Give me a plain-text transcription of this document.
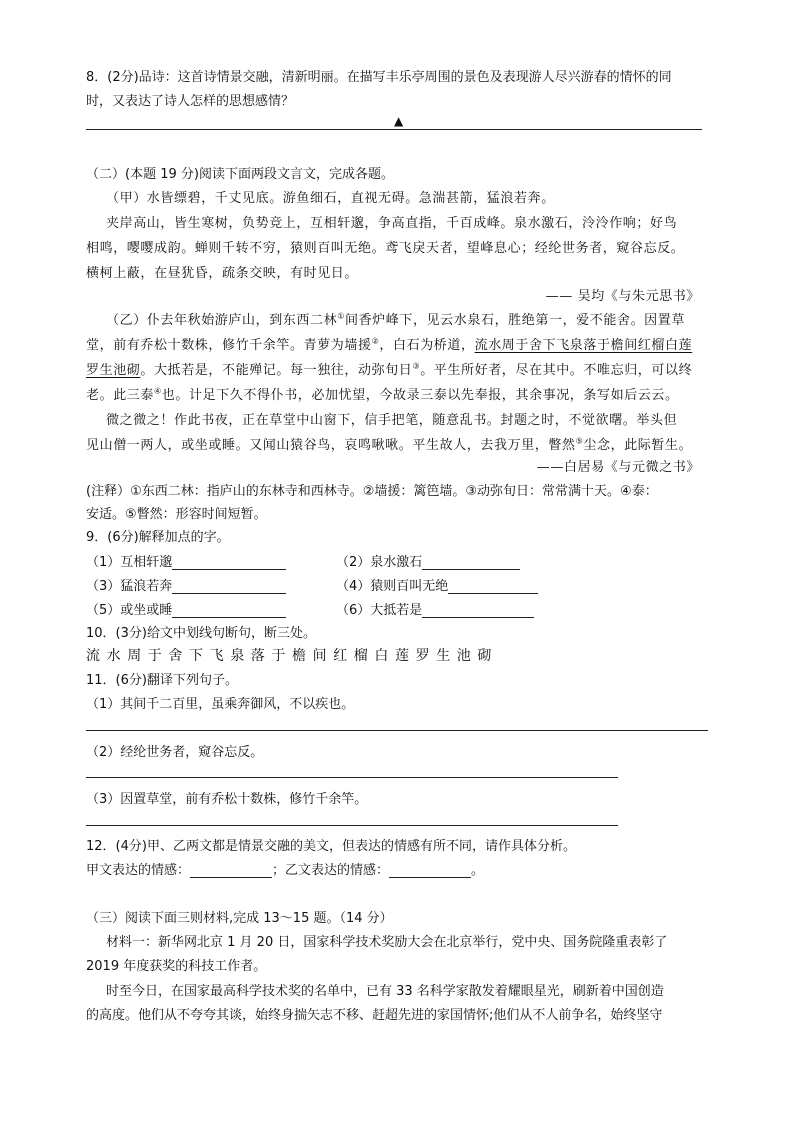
8．(2分)品诗：这首诗情景交融，清新明丽。在描写丰乐亭周围的景色及表现游人尽兴游春的情怀的同
时，又表达了诗人怎样的思想感情？
▲
（二）(本题 19 分)阅读下面两段文言文，完成各题。
（甲）水皆缥碧，千丈见底。游鱼细石，直视无碍。急湍甚箭，猛浪若奔。
夹岸高山，皆生寒树，负势竞上，互相轩邈，争高直指，千百成峰。泉水激石，泠泠作响；好鸟
相鸣，嘤嘤成韵。蝉则千转不穷，猿则百叫无绝。鸢飞戾天者，望峰息心；经纶世务者，窥谷忘反。
横柯上蔽，在昼犹昏，疏条交映，有时见日。
—— 吴均《与朱元思书》
（乙）仆去年秋始游庐山，到东西二林①间香炉峰下，见云水泉石，胜绝第一，爱不能舍。因置草
堂，前有乔松十数株，修竹千余竿。青萝为墙援②，白石为桥道，流水周于舍下飞泉落于檐间红榴白莲
罗生池砌。大抵若是，不能殚记。每一独往，动弥旬日③。平生所好者，尽在其中。不唯忘归，可以终
老。此三泰④也。计足下久不得仆书，必加忧望，今故录三泰以先奉报，其余事况，条写如后云云。
微之微之！作此书夜，正在草堂中山窗下，信手把笔，随意乱书。封题之时，不觉欲曙。举头但
见山僧一两人，或坐或睡。又闻山猿谷鸟，哀鸣啾啾。平生故人，去我万里，瞥然⑤尘念，此际暂生。
——白居易《与元微之书》
(注释）①东西二林：指庐山的东林寺和西林寺。②墙援：篱笆墙。③动弥旬日：常常满十天。④泰：
安适。⑤瞥然：形容时间短暂。
9．(6分)解释加点的字。
（1）互相轩邈	（2）泉水激石
（3）猛浪若奔	（4）猿则百叫无绝
（5）或坐或睡	（6）大抵若是
10．(3分)给文中划线句断句，断三处。
流水周于舍下飞泉落于檐间红榴白莲罗生池砌
11．(6分)翻译下列句子。
（1）其间千二百里，虽乘奔御风，不以疾也。
（2）经纶世务者，窥谷忘反。
（3）因置草堂，前有乔松十数株，修竹千余竿。
12．(4分)甲、乙两文都是情景交融的美文，但表达的情感有所不同，请作具体分析。
甲文表达的情感：	；乙文表达的情感：	。
（三）阅读下面三则材料,完成 13～15 题。（14 分）
材料一：新华网北京 1 月 20 日，国家科学技术奖励大会在北京举行，党中央、国务院隆重表彰了
2019 年度获奖的科技工作者。
时至今日，在国家最高科学技术奖的名单中，已有 33 名科学家散发着耀眼星光，刷新着中国创造
的高度。他们从不夸夸其谈，始终身揣矢志不移、赶超先进的家国情怀;他们从不人前争名，始终坚守
